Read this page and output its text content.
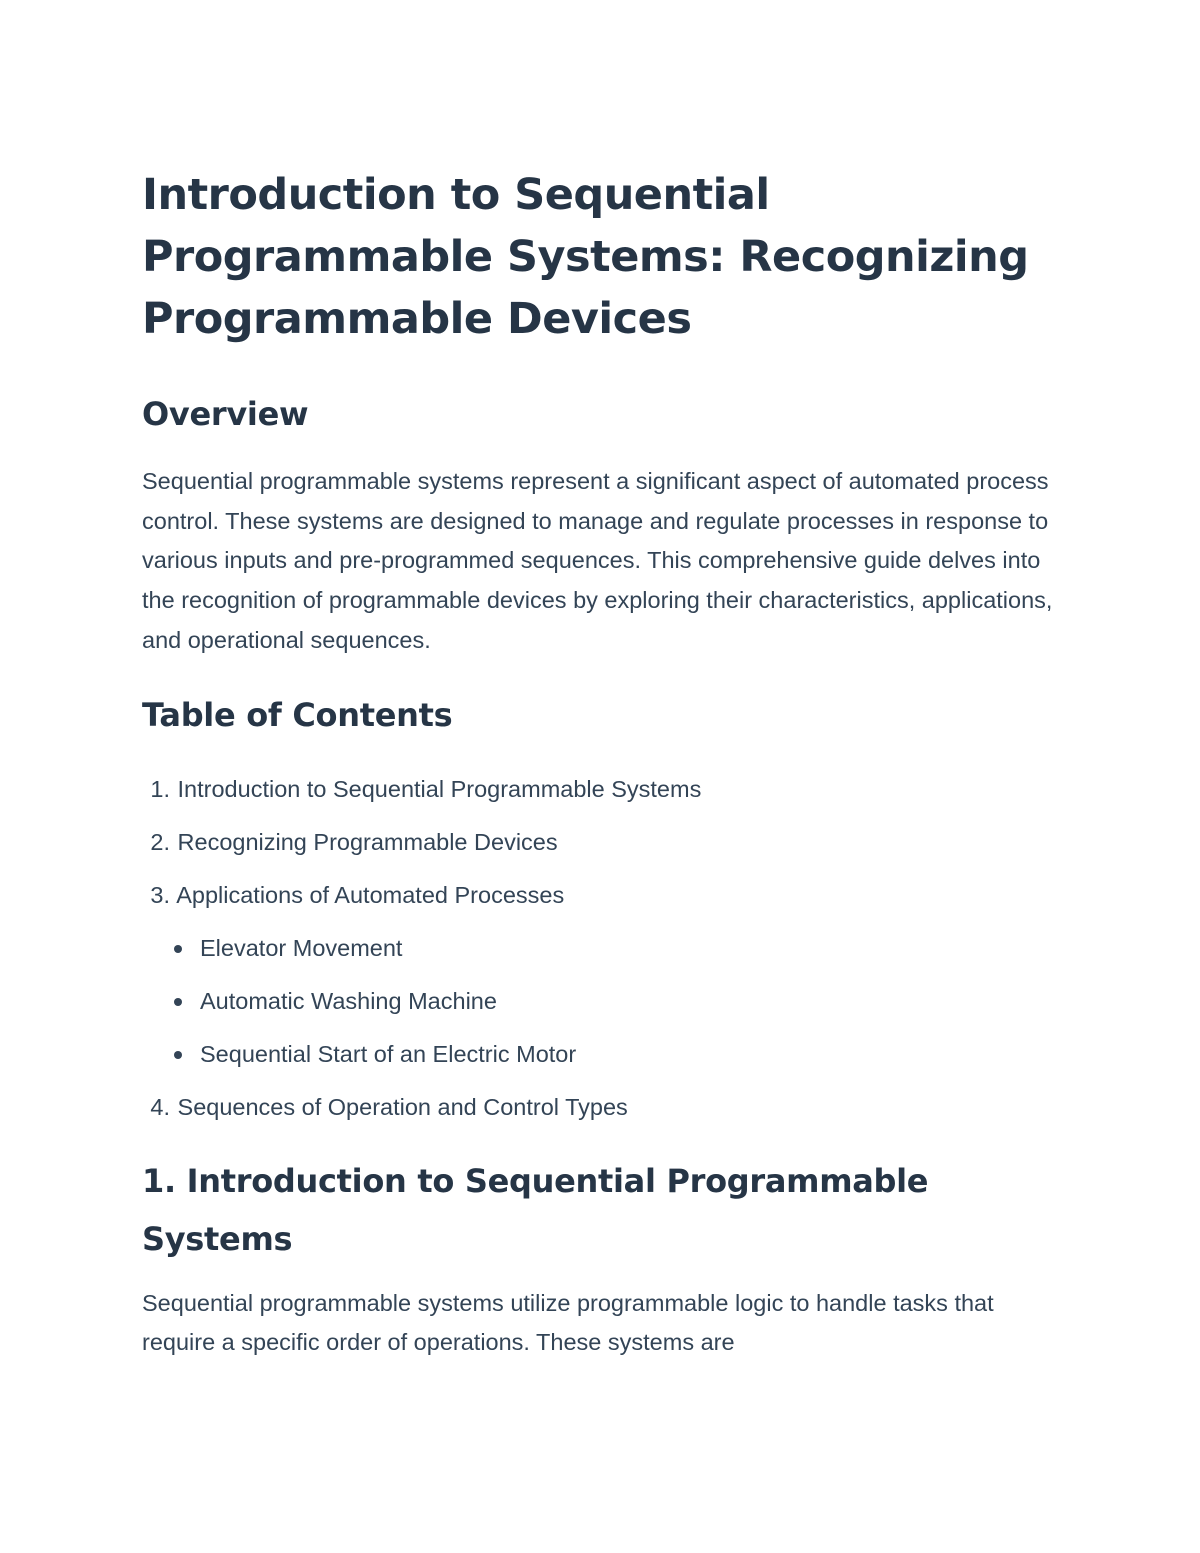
Introduction to Sequential Programmable Systems: Recognizing Programmable Devices
Overview

Sequential programmable systems represent a significant aspect of automated process control. These systems are designed to manage and regulate processes in response to various inputs and pre-programmed sequences. This comprehensive guide delves into the recognition of programmable devices by exploring their characteristics, applications, and operational sequences.

Table of Contents
1. Introduction to Sequential Programmable Systems
2. Recognizing Programmable Devices
3. Applications of Automated Processes
Elevator Movement
Automatic Washing Machine
Sequential Start of an Electric Motor
4. Sequences of Operation and Control Types
1. Introduction to Sequential Programmable Systems

Sequential programmable systems utilize programmable logic to handle tasks that require a specific order of operations. These systems are
